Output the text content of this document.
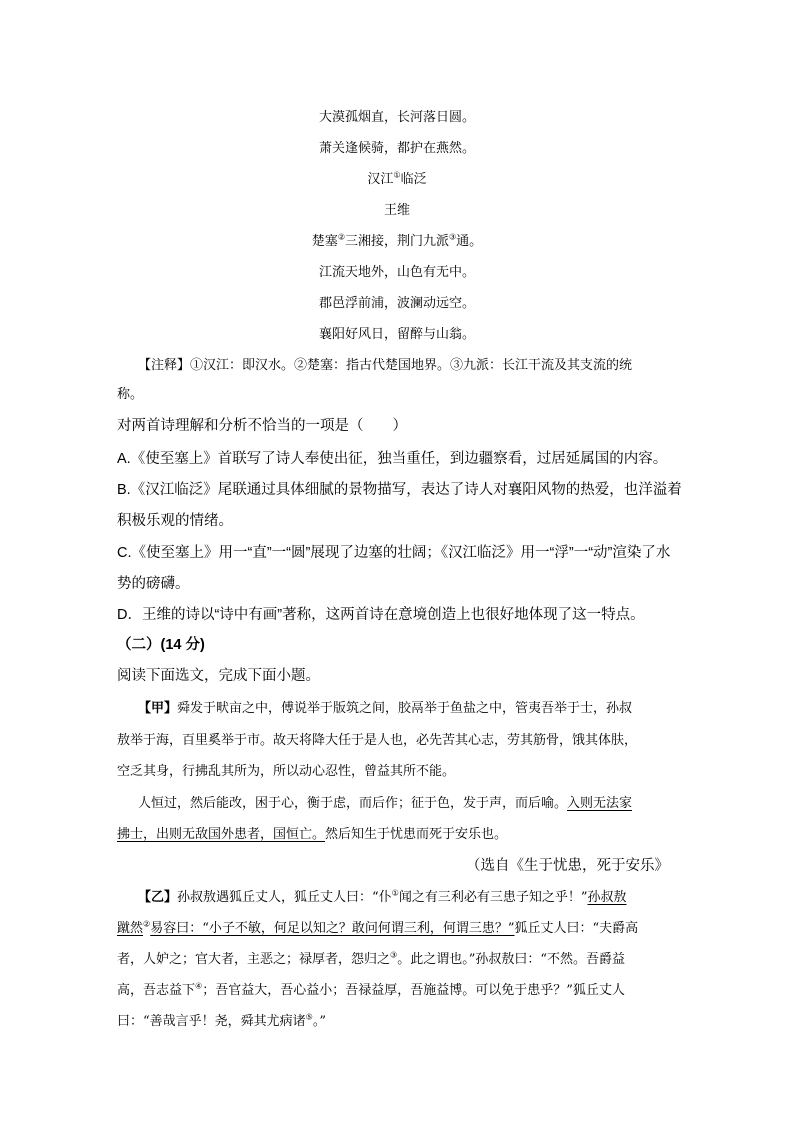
大漠孤烟直，长河落日圆。
萧关逢候骑，都护在燕然。
汉江①临泛
王维
楚塞②三湘接，荆门九派③通。
江流天地外，山色有无中。
郡邑浮前浦，波澜动远空。
襄阳好风日，留醉与山翁。
【注释】①汉江：即汉水。②楚塞：指古代楚国地界。③九派：长江干流及其支流的统
称。
对两首诗理解和分析不恰当的一项是（　　）
A.《使至塞上》首联写了诗人奉使出征，独当重任，到边疆察看，过居延属国的内容。
B.《汉江临泛》尾联通过具体细腻的景物描写，表达了诗人对襄阳风物的热爱，也洋溢着
积极乐观的情绪。
C.《使至塞上》用一“直”一“圆”展现了边塞的壮阔；《汉江临泛》用一“浮”一“动”渲染了水
势的磅礴。
D．王维的诗以“诗中有画”著称，这两首诗在意境创造上也很好地体现了这一特点。
（二）(14 分)
阅读下面选文，完成下面小题。
【甲】舜发于畎亩之中，傅说举于版筑之间，胶鬲举于鱼盐之中，管夷吾举于士，孙叔
敖举于海，百里奚举于市。故天将降大任于是人也，必先苦其心志，劳其筋骨，饿其体肤，
空乏其身，行拂乱其所为，所以动心忍性，曾益其所不能。
人恒过，然后能改，困于心，衡于虑，而后作；征于色，发于声，而后喻。入则无法家
拂士，出则无敌国外患者，国恒亡。然后知生于忧患而死于安乐也。
（选自《生于忧患，死于安乐》
【乙】孙叔敖遇狐丘丈人，狐丘丈人曰：“仆①闻之有三利必有三患子知之乎！”孙叔敖
蹴然②易容曰：“小子不敏，何足以知之？敢问何谓三利，何谓三患？”狐丘丈人曰：“夫爵高
者，人妒之；官大者，主恶之；禄厚者，怨归之③。此之谓也。”孙叔敖曰：“不然。吾爵益
高，吾志益下④；吾官益大，吾心益小；吾禄益厚，吾施益博。可以免于患乎？”狐丘丈人
曰：“善哉言乎！尧，舜其尤病诸⑤。”
